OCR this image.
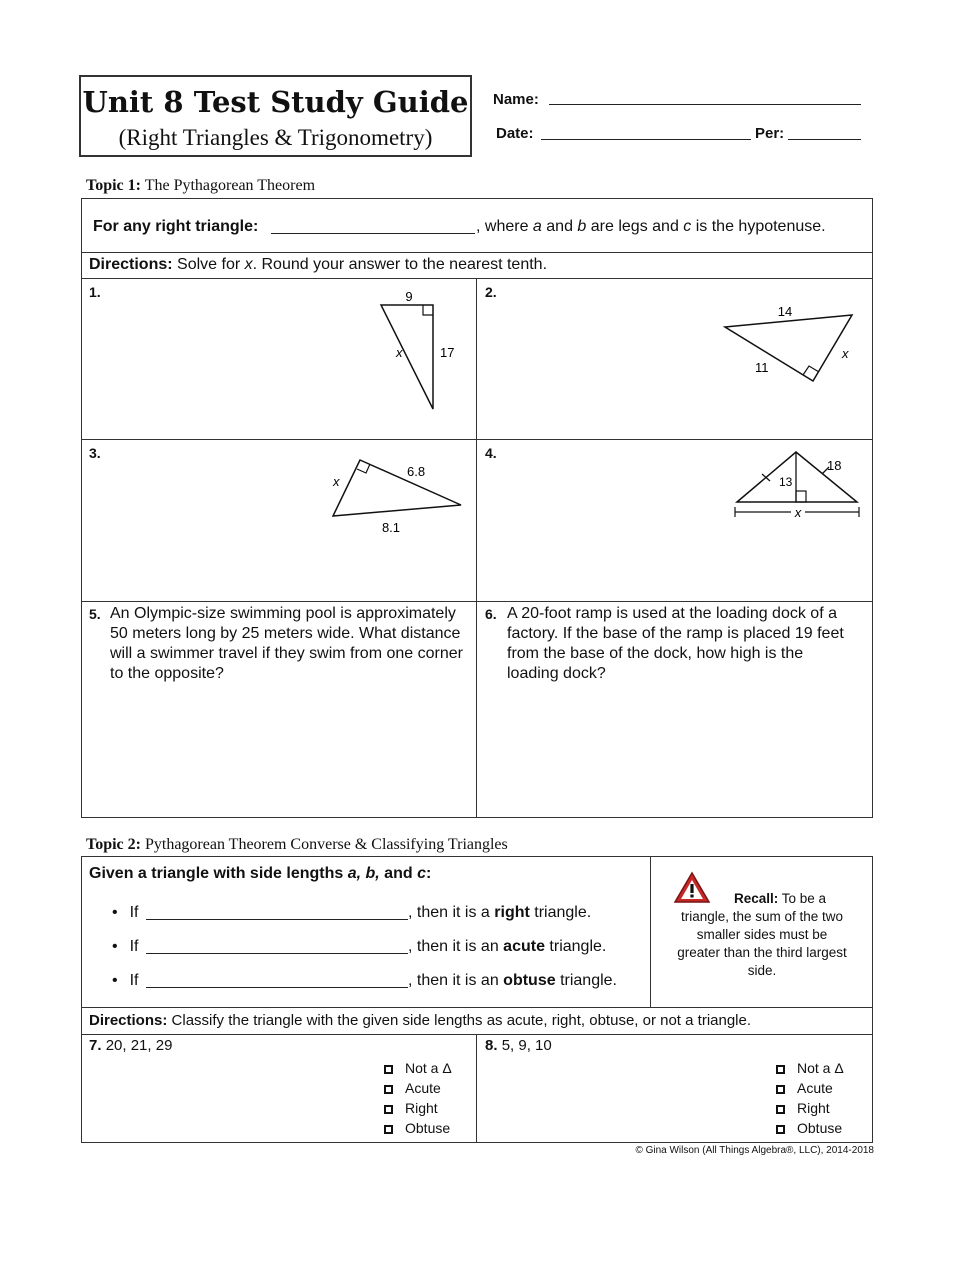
Unit 8 Test Study Guide
(Right Triangles & Trigonometry)
Name:
Date:	Per:
Topic 1: The Pythagorean Theorem
For any right triangle:	, where a and b are legs and c is the hypotenuse.
Directions: Solve for x. Round your answer to the nearest tenth.
1.	2.
3.	4.
9
x	17
14
x
11
x
6.8
8.1
18
13
x
5. An Olympic-size swimming pool is approximately 50 meters long by 25 meters wide. What distance will a swimmer travel if they swim from one corner to the opposite?
6. A 20-foot ramp is used at the loading dock of a factory. If the base of the ramp is placed 19 feet from the base of the dock, how high is the loading dock?
Topic 2: Pythagorean Theorem Converse & Classifying Triangles
Given a triangle with side lengths a, b, and c:
• If	, then it is a right triangle.
• If	, then it is an acute triangle.
• If	, then it is an obtuse triangle.
Recall: To be a triangle, the sum of the two smaller sides must be greater than the third largest side.
Directions: Classify the triangle with the given side lengths as acute, right, obtuse, or not a triangle.
7. 20, 21, 29	8. 5, 9, 10
Not a Δ
Acute
Right
Obtuse
Not a Δ
Acute
Right
Obtuse
© Gina Wilson (All Things Algebra®, LLC), 2014-2018
